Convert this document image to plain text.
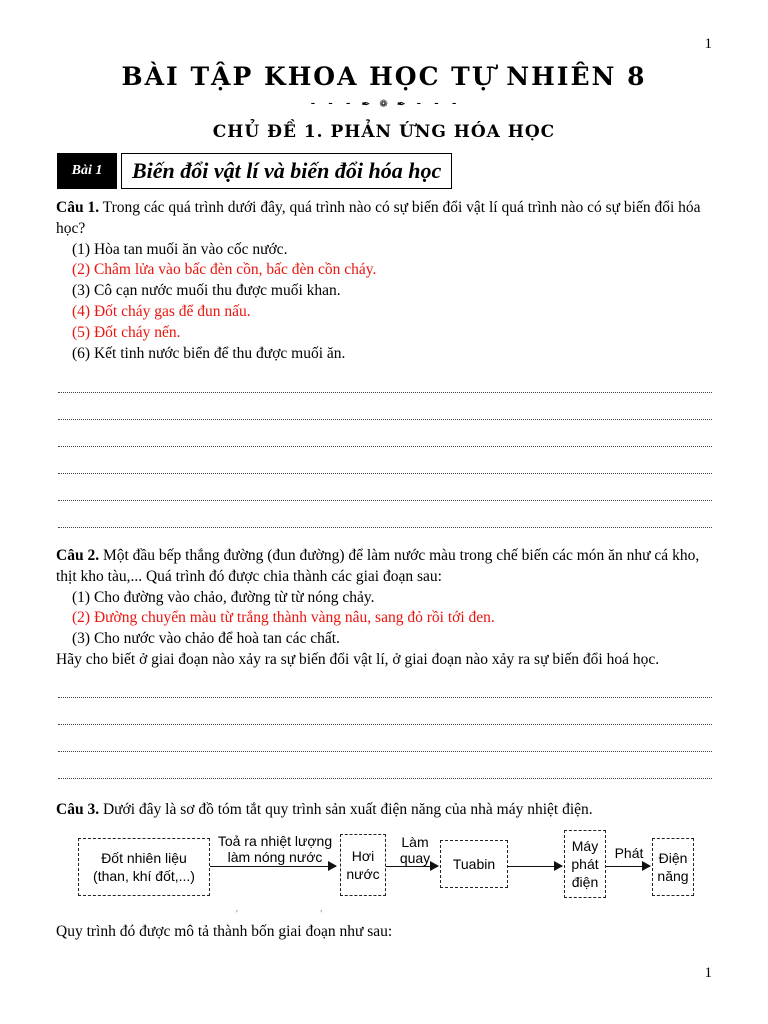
1
BÀI TẬP KHOA HỌC TỰ NHIÊN 8
- - - ✒ ❁ ✒ - - -
CHỦ ĐỀ 1. PHẢN ỨNG HÓA HỌC
Bài 1	Biến đổi vật lí và biến đổi hóa học

Câu 1. Trong các quá trình dưới đây, quá trình nào có sự biến đổi vật lí quá trình nào có sự biến đổi hóa học?

(1) Hòa tan muối ăn vào cốc nước.

(2) Châm lửa vào bấc đèn cồn, bấc đèn cồn cháy.

(3) Cô cạn nước muối thu được muối khan.

(4) Đốt cháy gas để đun nấu.

(5) Đốt cháy nến.

(6) Kết tinh nước biển để thu được muối ăn.

Câu 2. Một đầu bếp thắng đường (đun đường) để làm nước màu trong chế biến các món ăn như cá kho, thịt kho tàu,... Quá trình đó được chia thành các giai đoạn sau:

(1) Cho đường vào chảo, đường từ từ nóng chảy.

(2) Đường chuyển màu từ trắng thành vàng nâu, sang đỏ rồi tới đen.

(3) Cho nước vào chảo để hoà tan các chất.

Hãy cho biết ở giai đoạn nào xảy ra sự biến đổi vật lí, ở giai đoạn nào xảy ra sự biến đổi hoá học.

Câu 3. Dưới đây là sơ đồ tóm tắt quy trình sản xuất điện năng của nhà máy nhiệt điện.

Đốt nhiên liệu
(than, khí đốt,...)
Toả ra nhiệt lượng
làm nóng nước	Hơi
nước
Làm
quay	Tuabin
Máy
phát
điện
Phát	Điện
năng
' '

Quy trình đó được mô tả thành bốn giai đoạn như sau:

1
